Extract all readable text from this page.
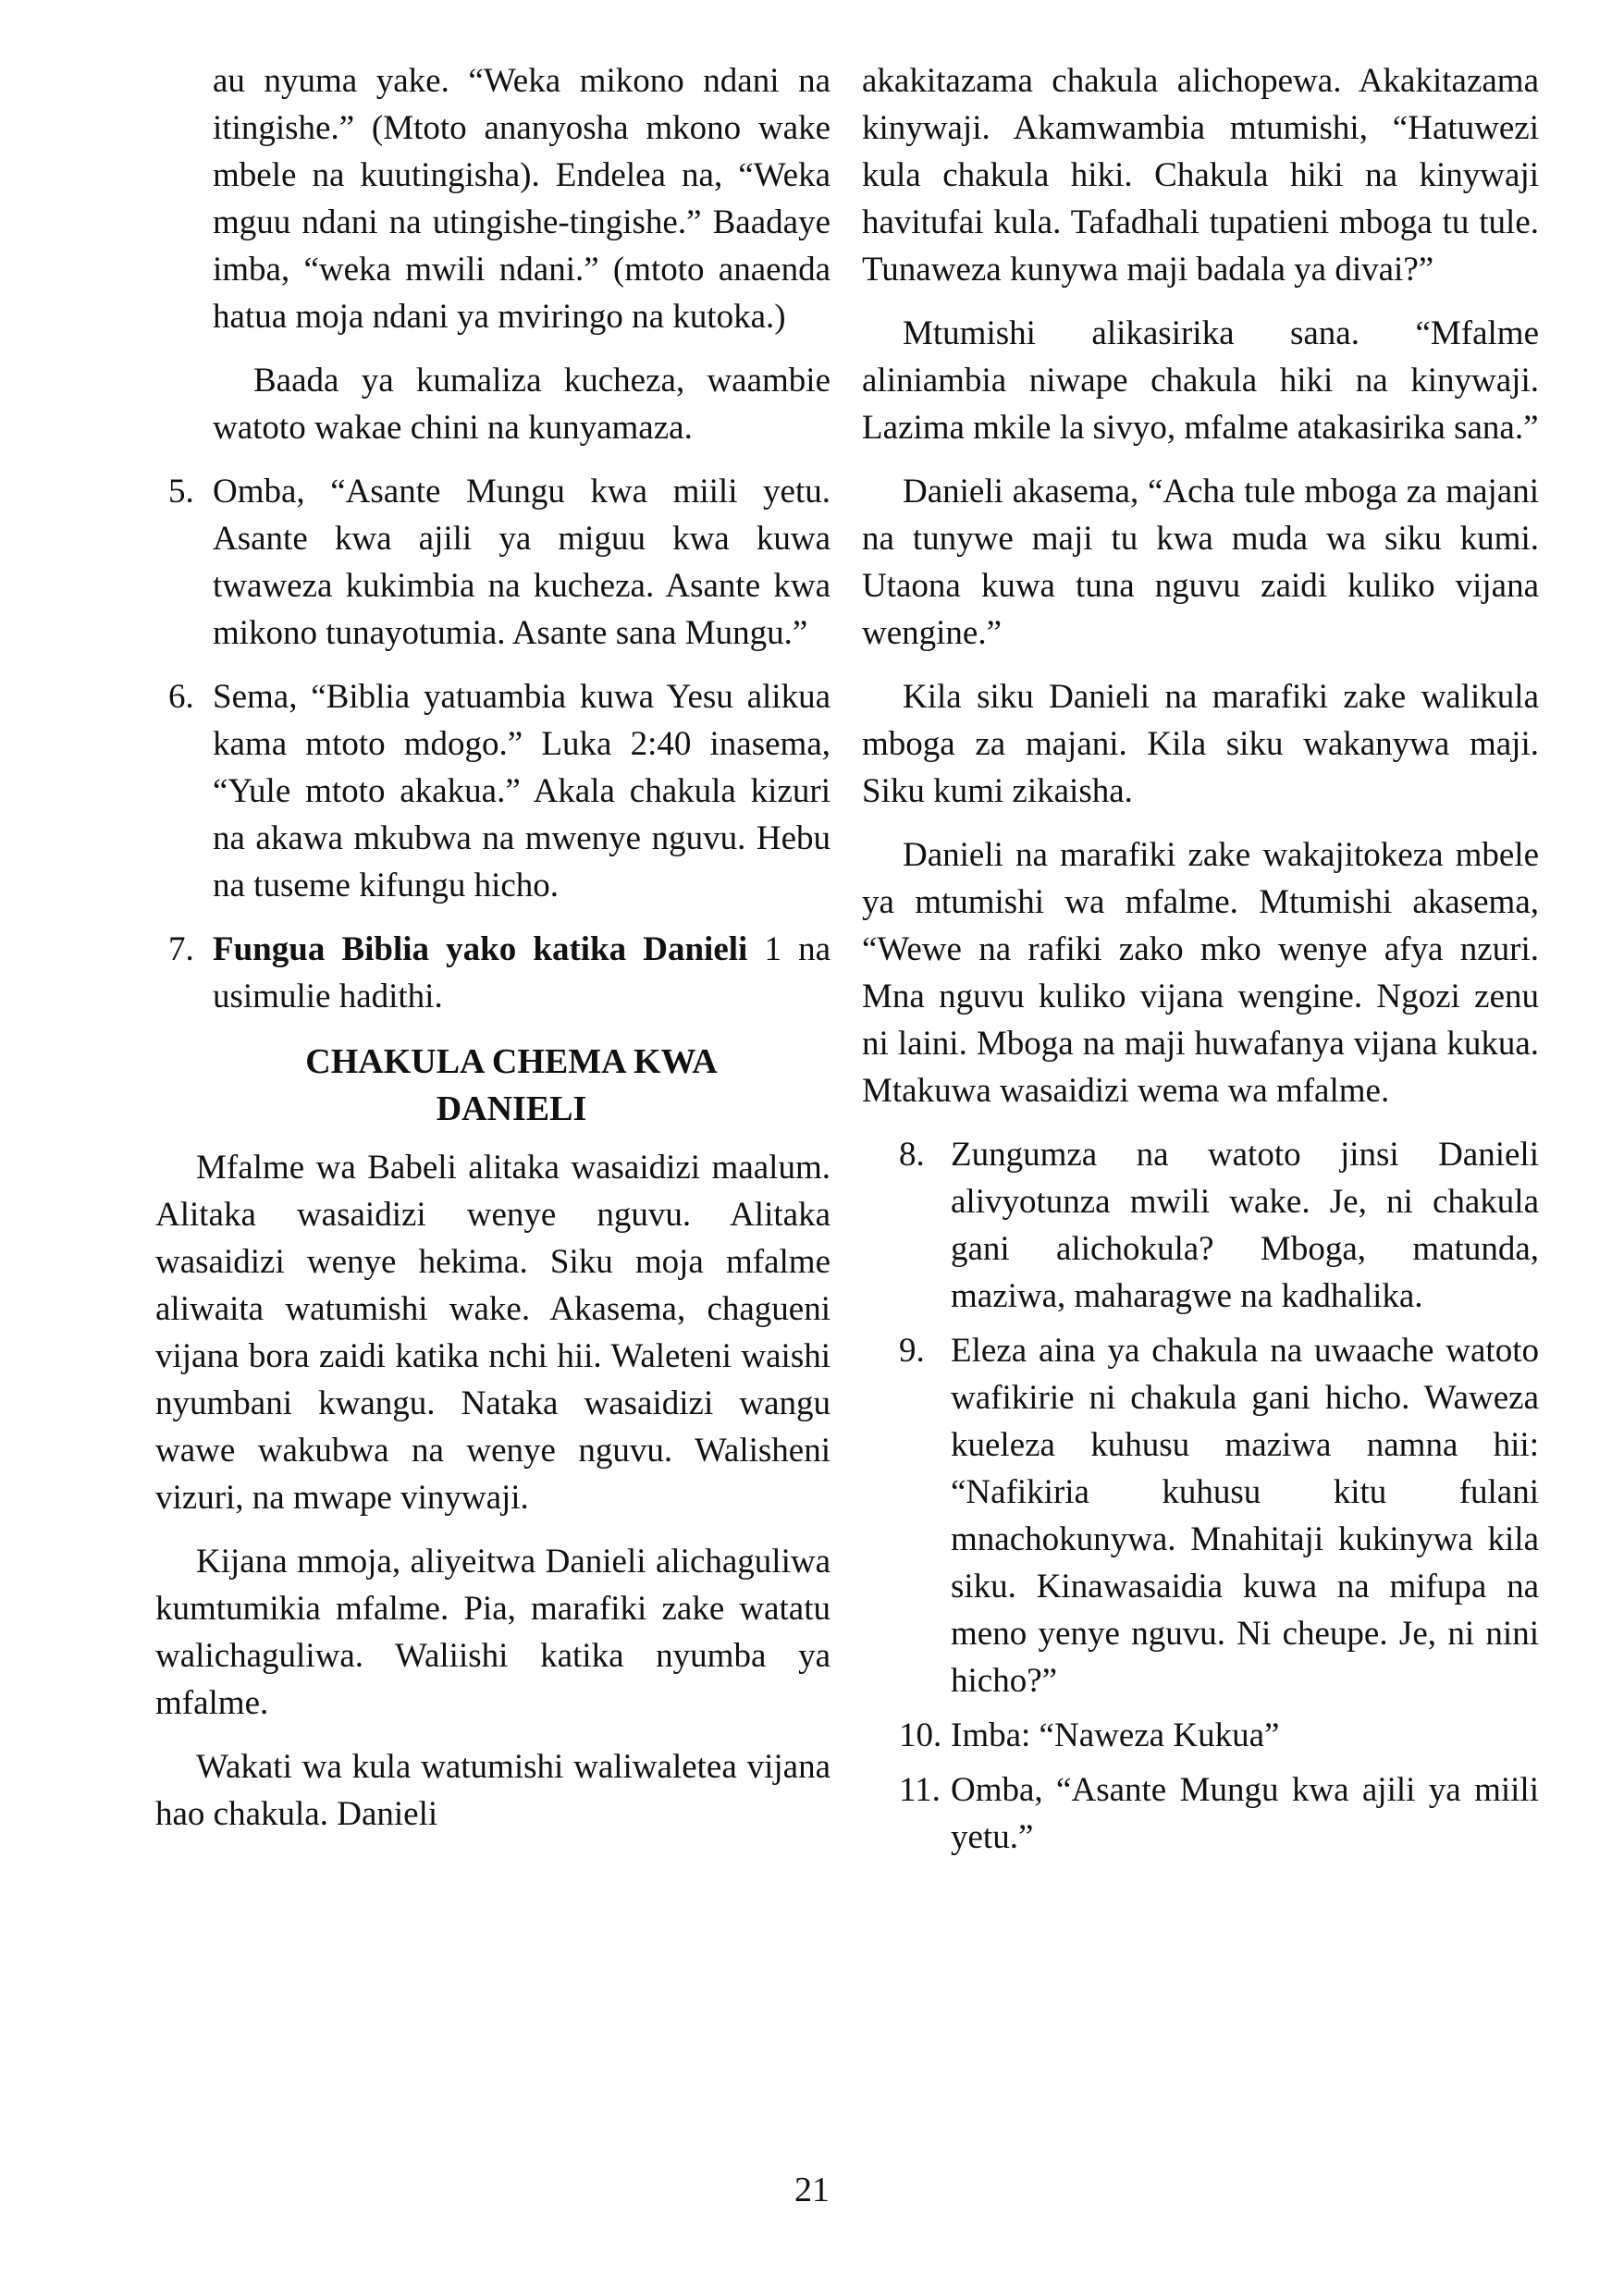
au nyuma yake. “Weka mikono ndani na itingishe.” (Mtoto ananyosha mkono wake mbele na kuutingisha). Endelea na, “Weka mguu ndani na utingishe-tingishe.” Baadaye imba, “weka mwili ndani.” (mtoto anaenda hatua moja ndani ya mviringo na kutoka.)

Baada ya kumaliza kucheza, waambie watoto wakae chini na kunyamaza.

5. Omba, “Asante Mungu kwa miili yetu. Asante kwa ajili ya miguu kwa kuwa twaweza kukimbia na kucheza. Asante kwa mikono tunayotumia. Asante sana Mungu.”

6. Sema, “Biblia yatuambia kuwa Yesu alikua kama mtoto mdogo.” Luka 2:40 inasema, “Yule mtoto akakua.” Akala chakula kizuri na akawa mkubwa na mwenye nguvu. Hebu na tuseme kifungu hicho.

7. Fungua Biblia yako katika Danieli 1 na usimulie hadithi.

CHAKULA CHEMA KWA
DANIELI

Mfalme wa Babeli alitaka wasaidizi maalum. Alitaka wasaidizi wenye nguvu. Alitaka wasaidizi wenye hekima. Siku moja mfalme aliwaita watumishi wake. Akasema, chagueni vijana bora zaidi katika nchi hii. Waleteni waishi nyumbani kwangu. Nataka wasaidizi wangu wawe wakubwa na wenye nguvu. Walisheni vizuri, na mwape vinywaji.

Kijana mmoja, aliyeitwa Danieli alichaguliwa kumtumikia mfalme. Pia, marafiki zake watatu walichaguliwa. Waliishi katika nyumba ya mfalme.

Wakati wa kula watumishi waliwaletea vijana hao chakula. Danieli

akakitazama chakula alichopewa. Akakitazama kinywaji. Akamwambia mtumishi, “Hatuwezi kula chakula hiki. Chakula hiki na kinywaji havitufai kula. Tafadhali tupatieni mboga tu tule. Tunaweza kunywa maji badala ya divai?”

Mtumishi alikasirika sana. “Mfalme aliniambia niwape chakula hiki na kinywaji. Lazima mkile la sivyo, mfalme atakasirika sana.”

Danieli akasema, “Acha tule mboga za majani na tunywe maji tu kwa muda wa siku kumi. Utaona kuwa tuna nguvu zaidi kuliko vijana wengine.”

Kila siku Danieli na marafiki zake walikula mboga za majani. Kila siku wakanywa maji. Siku kumi zikaisha.

Danieli na marafiki zake wakajitokeza mbele ya mtumishi wa mfalme. Mtumishi akasema, “Wewe na rafiki zako mko wenye afya nzuri. Mna nguvu kuliko vijana wengine. Ngozi zenu ni laini. Mboga na maji huwafanya vijana kukua. Mtakuwa wasaidizi wema wa mfalme.

8. Zungumza na watoto jinsi Danieli alivyotunza mwili wake. Je, ni chakula gani alichokula? Mboga, matunda, maziwa, maharagwe na kadhalika.

9. Eleza aina ya chakula na uwaache watoto wafikirie ni chakula gani hicho. Waweza kueleza kuhusu maziwa namna hii: “Nafikiria kuhusu kitu fulani mnachokunywa. Mnahitaji kukinywa kila siku. Kinawasaidia kuwa na mifupa na meno yenye nguvu. Ni cheupe. Je, ni nini hicho?”

10. Imba: “Naweza Kukua”

11. Omba, “Asante Mungu kwa ajili ya miili yetu.”

21
